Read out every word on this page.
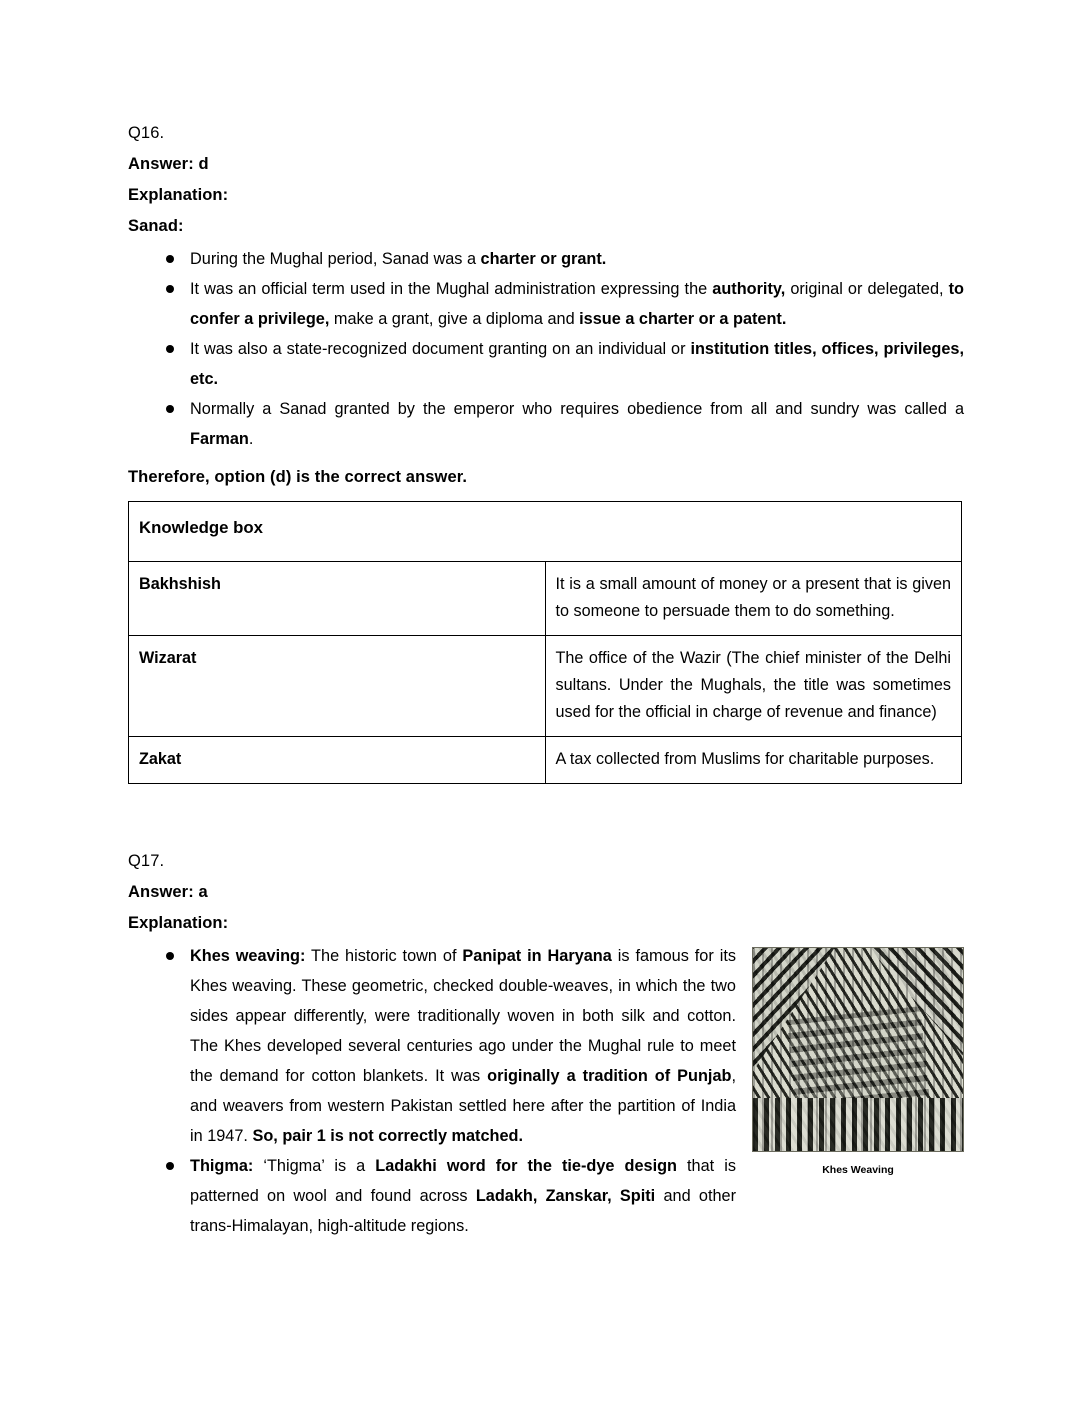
Q16.
Answer: d
Explanation:
Sanad:
During the Mughal period, Sanad was a charter or grant.
It was an official term used in the Mughal administration expressing the authority, original or delegated, to confer a privilege, make a grant, give a diploma and issue a charter or a patent.
It was also a state-recognized document granting on an individual or institution titles, offices, privileges, etc.
Normally a Sanad granted by the emperor who requires obedience from all and sundry was called a Farman.
Therefore, option (d) is the correct answer.
Knowledge box	
Bakhshish	It is a small amount of money or a present that is given to someone to persuade them to do something.
Wizarat	The office of the Wazir (The chief minister of the Delhi sultans. Under the Mughals, the title was sometimes used for the official in charge of revenue and finance)
Zakat	A tax collected from Muslims for charitable purposes.
Q17.
Answer: a
Explanation:
Khes Weaving
Khes weaving: The historic town of Panipat in Haryana is famous for its Khes weaving. These geometric, checked double-weaves, in which the two sides appear differently, were traditionally woven in both silk and cotton. The Khes developed several centuries ago under the Mughal rule to meet the demand for cotton blankets. It was originally a tradition of Punjab, and weavers from western Pakistan settled here after the partition of India in 1947. So, pair 1 is not correctly matched.
Thigma: ‘Thigma’ is a Ladakhi word for the tie-dye design that is patterned on wool and found across Ladakh, Zanskar, Spiti and other trans-Himalayan, high-altitude regions.
